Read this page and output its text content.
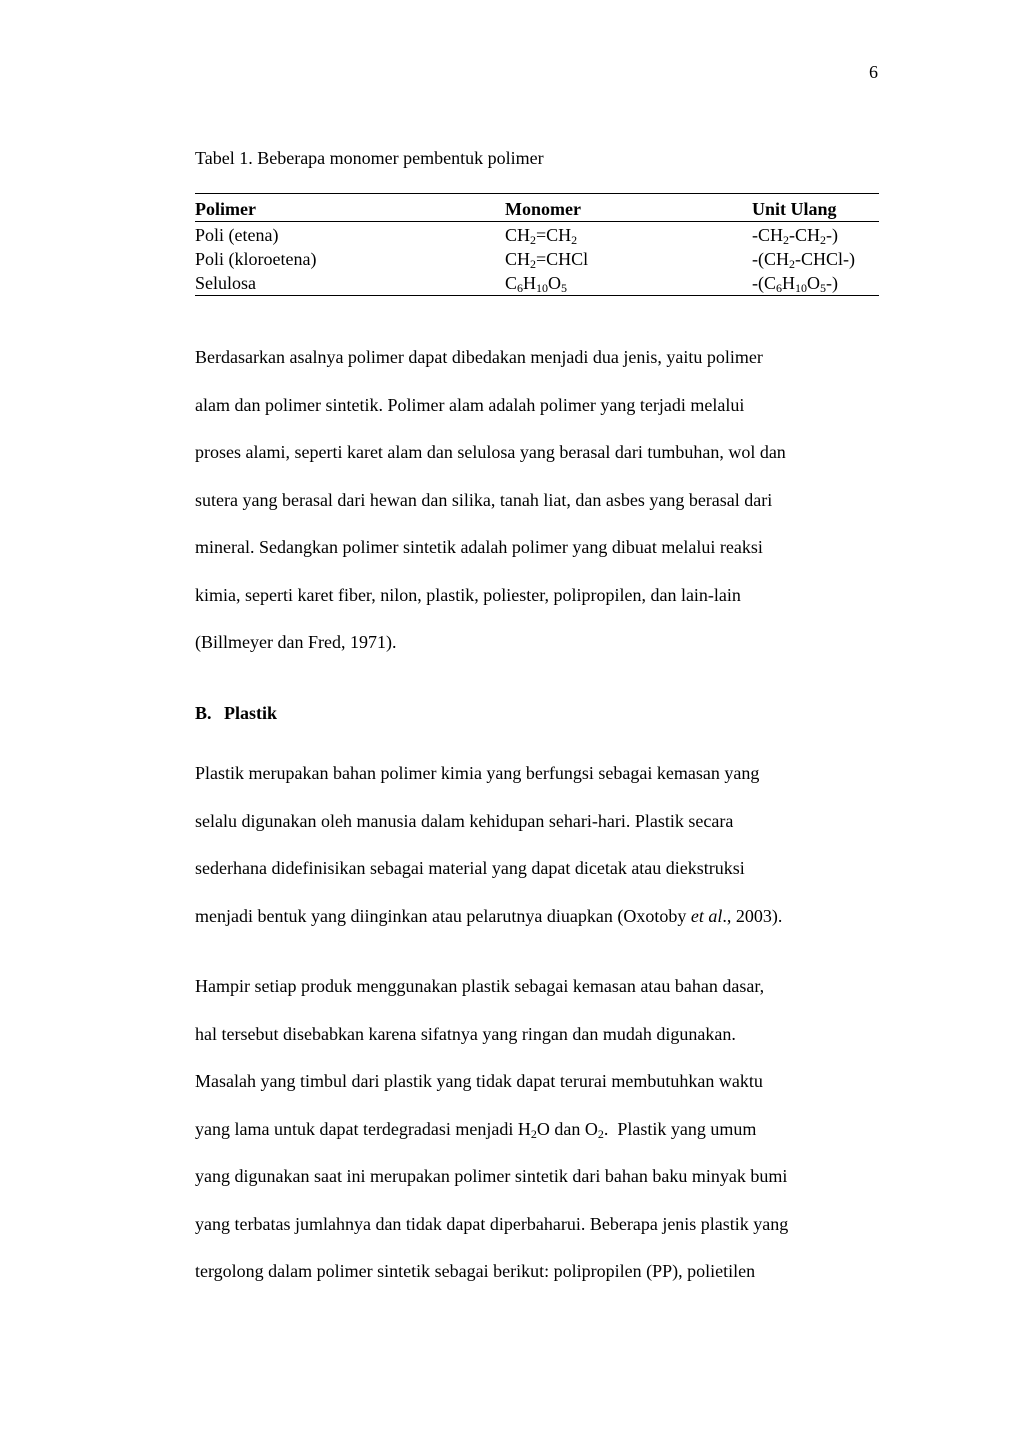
6
Tabel 1. Beberapa monomer pembentuk polimer
Polimer	Monomer	Unit Ulang
Poli (etena)	$CH_2=CH_2$	$-CH_2-CH_2-$)
Poli (kloroetena)	$CH_2=CHCl$	$-(CH_2-CHCl-)$
Selulosa	$C_6H_{10}O_5$	$-(C_6H_{10}O_5-)$

Berdasarkan asalnya polimer dapat dibedakan menjadi dua jenis, yaitu polimer
alam dan polimer sintetik. Polimer alam adalah polimer yang terjadi melalui
proses alami, seperti karet alam dan selulosa yang berasal dari tumbuhan, wol dan
sutera yang berasal dari hewan dan silika, tanah liat, dan asbes yang berasal dari
mineral. Sedangkan polimer sintetik adalah polimer yang dibuat melalui reaksi
kimia, seperti karet fiber, nilon, plastik, poliester, polipropilen, dan lain-lain
(Billmeyer dan Fred, 1971).

B. Plastik

Plastik merupakan bahan polimer kimia yang berfungsi sebagai kemasan yang
selalu digunakan oleh manusia dalam kehidupan sehari-hari. Plastik secara
sederhana didefinisikan sebagai material yang dapat dicetak atau diekstruksi
menjadi bentuk yang diinginkan atau pelarutnya diuapkan (Oxotoby et al., 2003).

Hampir setiap produk menggunakan plastik sebagai kemasan atau bahan dasar,
hal tersebut disebabkan karena sifatnya yang ringan dan mudah digunakan.
Masalah yang timbul dari plastik yang tidak dapat terurai membutuhkan waktu
yang lama untuk dapat terdegradasi menjadi $H_2O$ dan $O_2$.  Plastik yang umum
yang digunakan saat ini merupakan polimer sintetik dari bahan baku minyak bumi
yang terbatas jumlahnya dan tidak dapat diperbaharui. Beberapa jenis plastik yang
tergolong dalam polimer sintetik sebagai berikut: polipropilen (PP), polietilen
